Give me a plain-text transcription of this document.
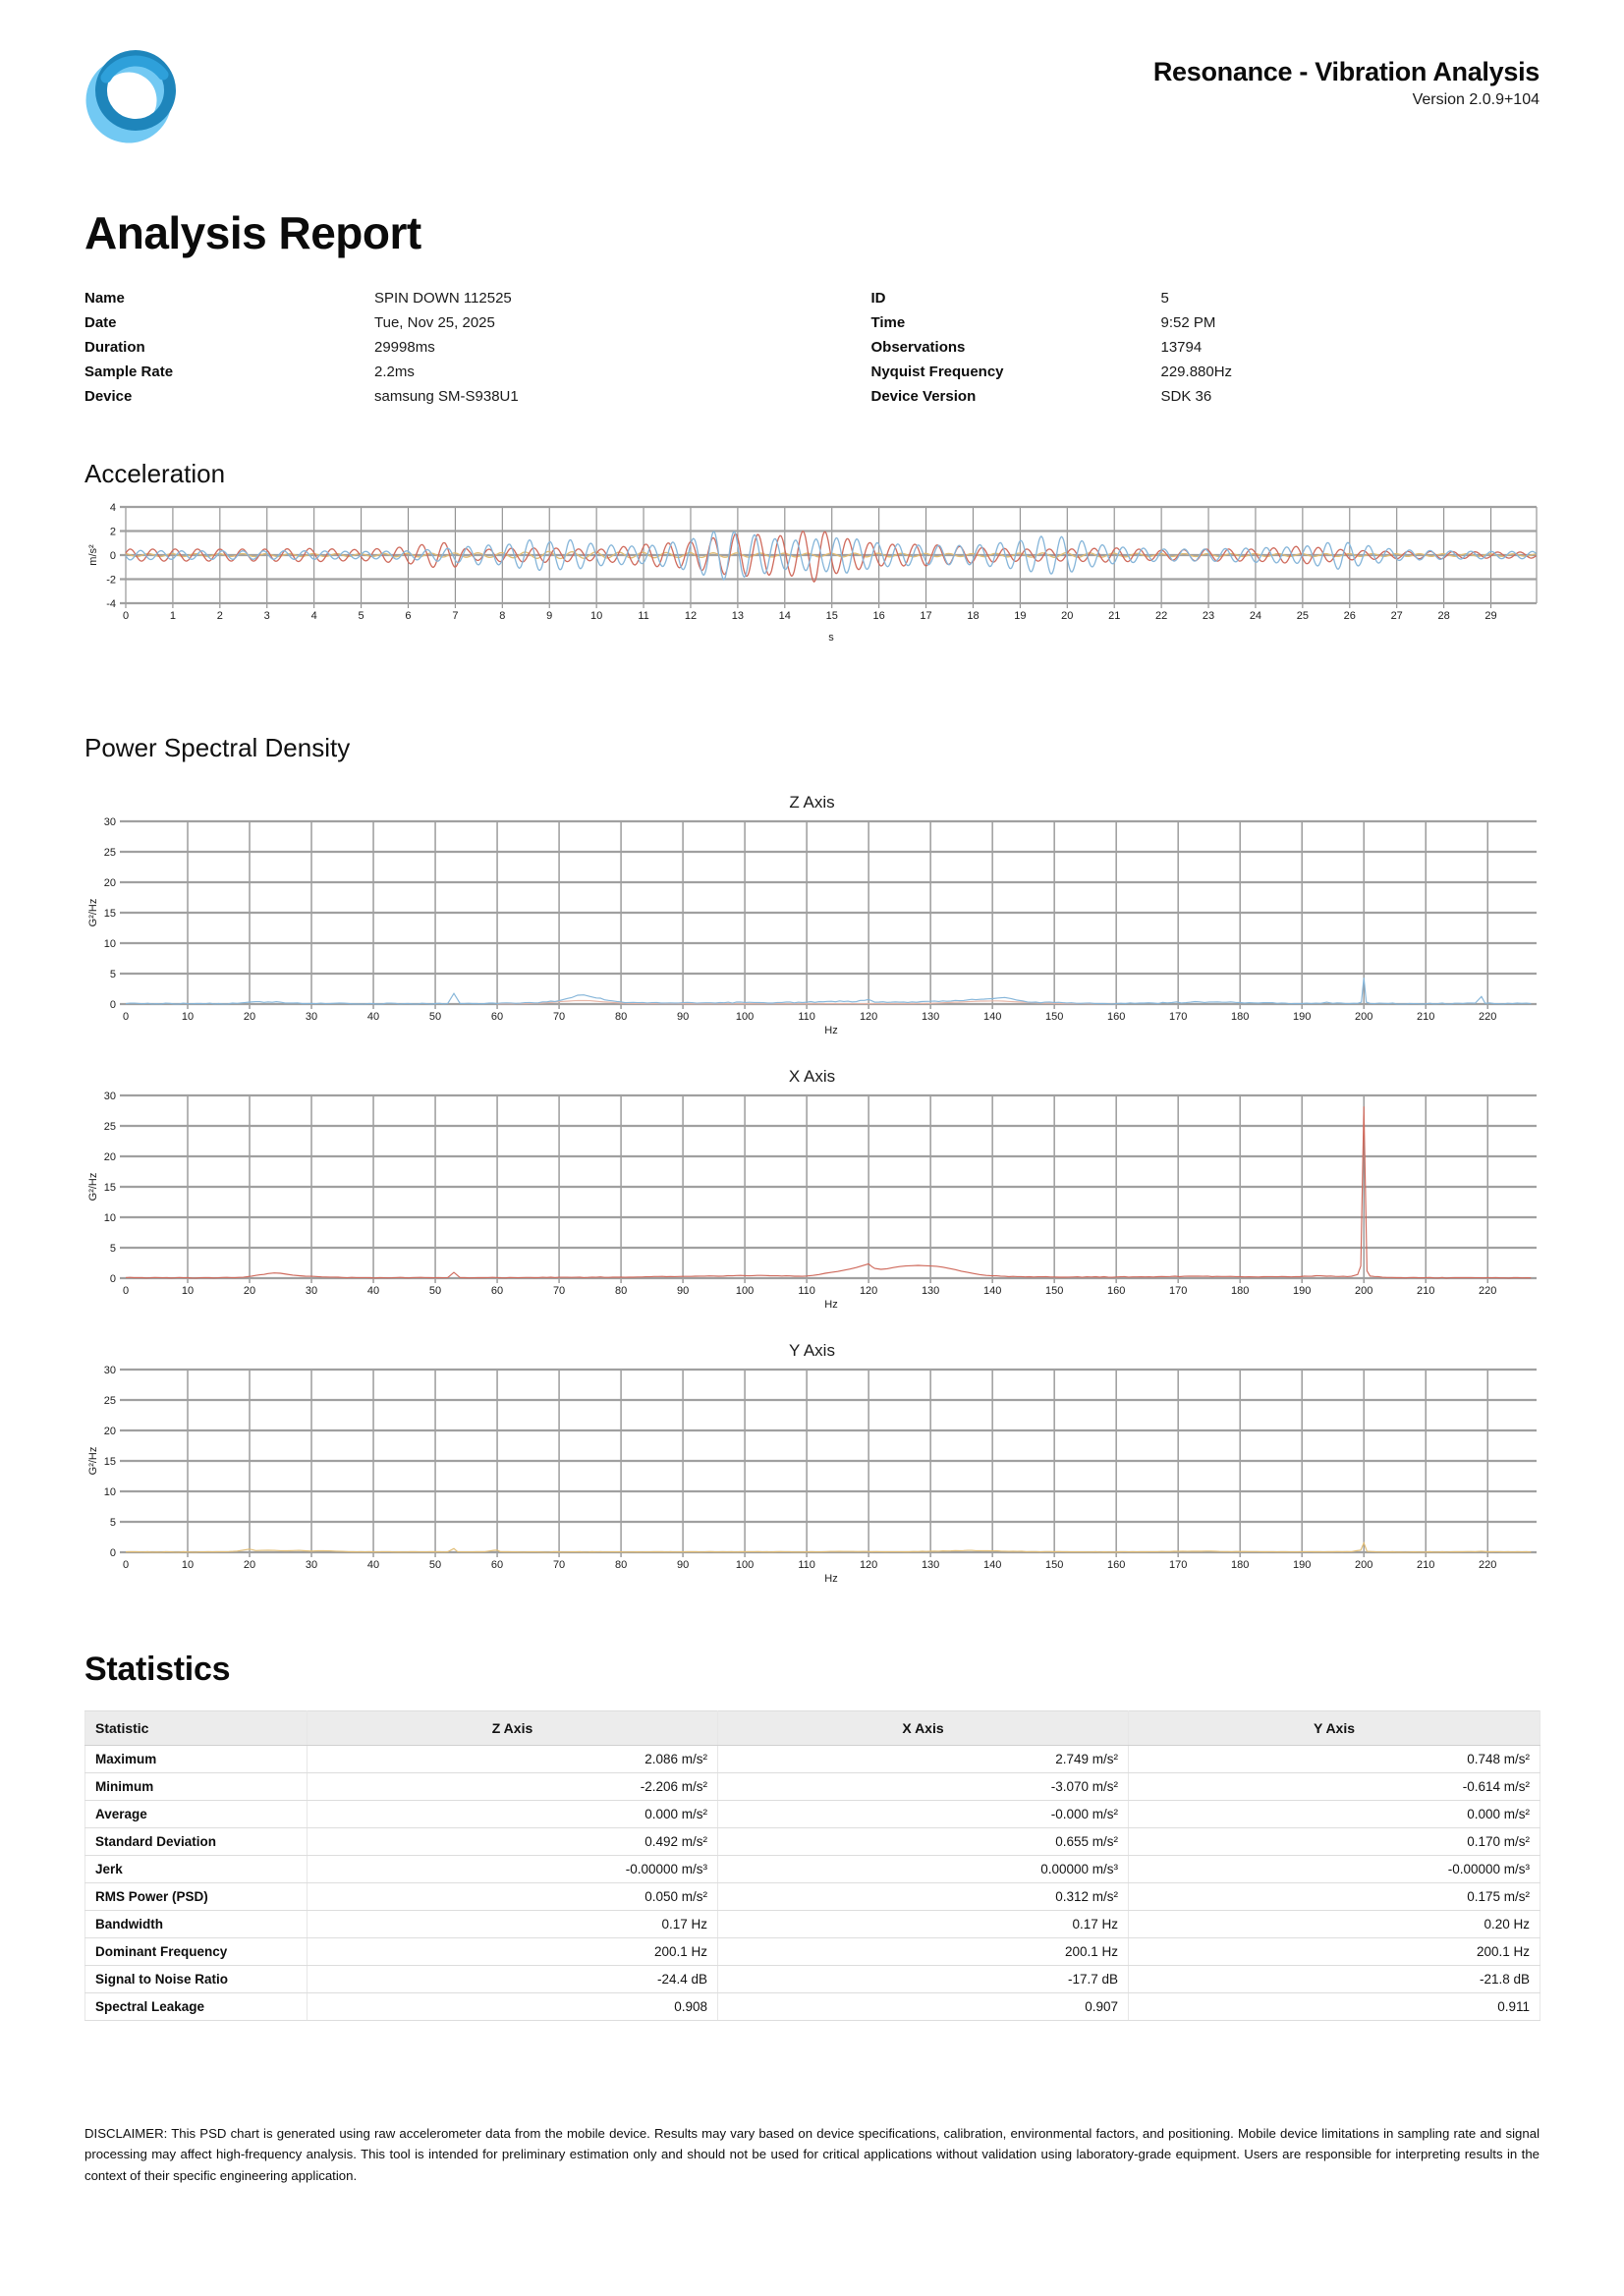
Resonance - Vibration Analysis
Version 2.0.9+104
Analysis Report
Name	SPIN DOWN 112525
Date	Tue, Nov 25, 2025
Duration	29998ms
Sample Rate	2.2ms
Device	samsung SM-S938U1
ID	5
Time	9:52 PM
Observations	13794
Nyquist Frequency	229.880Hz
Device Version	SDK 36
Acceleration
-4
-2
0
2
4
0	1	2	3	4	5	6	7	8	9	10	11	12	13	14	15	16	17	18	19	20	21	22	23	24	25	26	27	28	29
s
m/s²
Power Spectral Density
Z Axis
0
5
10
15
20
25
30
0	10	20	30	40	50	60	70	80	90	100	110	120	130	140	150	160	170	180	190	200	210	220
Hz
G²/Hz
X Axis
0
5
10
15
20
25
30
0	10	20	30	40	50	60	70	80	90	100	110	120	130	140	150	160	170	180	190	200	210	220
Hz
G²/Hz
Y Axis
0
5
10
15
20
25
30
0	10	20	30	40	50	60	70	80	90	100	110	120	130	140	150	160	170	180	190	200	210	220
Hz
G²/Hz
Statistics
Statistic	Z Axis	X Axis	Y Axis
Maximum	2.086 m/s²	2.749 m/s²	0.748 m/s²
Minimum	-2.206 m/s²	-3.070 m/s²	-0.614 m/s²
Average	0.000 m/s²	-0.000 m/s²	0.000 m/s²
Standard Deviation	0.492 m/s²	0.655 m/s²	0.170 m/s²
Jerk	-0.00000 m/s³	0.00000 m/s³	-0.00000 m/s³
RMS Power (PSD)	0.050 m/s²	0.312 m/s²	0.175 m/s²
Bandwidth	0.17 Hz	0.17 Hz	0.20 Hz
Dominant Frequency	200.1 Hz	200.1 Hz	200.1 Hz
Signal to Noise Ratio	-24.4 dB	-17.7 dB	-21.8 dB
Spectral Leakage	0.908	0.907	0.911

DISCLAIMER: This PSD chart is generated using raw accelerometer data from the mobile device. Results may vary based on device specifications, calibration, environmental factors, and positioning. Mobile device limitations in sampling rate and signal processing may affect high-frequency analysis. This tool is intended for preliminary estimation only and should not be used for critical applications without validation using laboratory-grade equipment. Users are responsible for interpreting results in the context of their specific engineering application.
